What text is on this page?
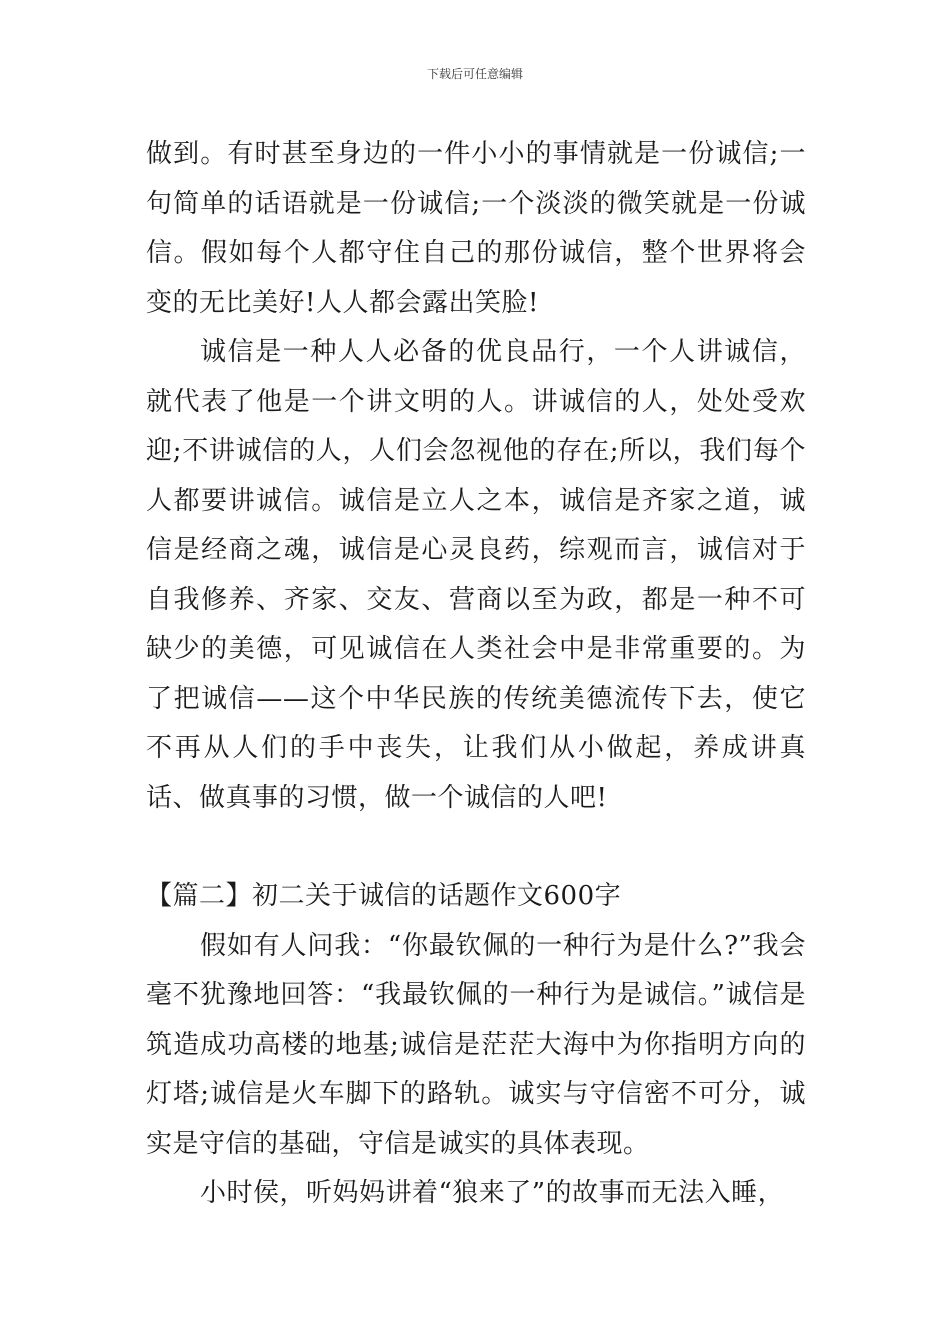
下载后可任意编辑

做到。有时甚至身边的一件小小的事情就是一份诚信;一句简单的话语就是一份诚信;一个淡淡的微笑就是一份诚信。假如每个人都守住自己的那份诚信，整个世界将会变的无比美好!人人都会露出笑脸!

诚信是一种人人必备的优良品行，一个人讲诚信，就代表了他是一个讲文明的人。讲诚信的人，处处受欢迎;不讲诚信的人，人们会忽视他的存在;所以，我们每个人都要讲诚信。诚信是立人之本，诚信是齐家之道，诚信是经商之魂，诚信是心灵良药，综观而言，诚信对于自我修养、齐家、交友、营商以至为政，都是一种不可缺少的美德，可见诚信在人类社会中是非常重要的。为了把诚信——这个中华民族的传统美德流传下去，使它不再从人们的手中丧失，让我们从小做起，养成讲真话、做真事的习惯，做一个诚信的人吧!

【篇二】初二关于诚信的话题作文600字

假如有人问我：“你最钦佩的一种行为是什么?”我会毫不犹豫地回答：“我最钦佩的一种行为是诚信。”诚信是筑造成功高楼的地基;诚信是茫茫大海中为你指明方向的灯塔;诚信是火车脚下的路轨。诚实与守信密不可分，诚实是守信的基础，守信是诚实的具体表现。

小时侯，听妈妈讲着“狼来了”的故事而无法入睡，
